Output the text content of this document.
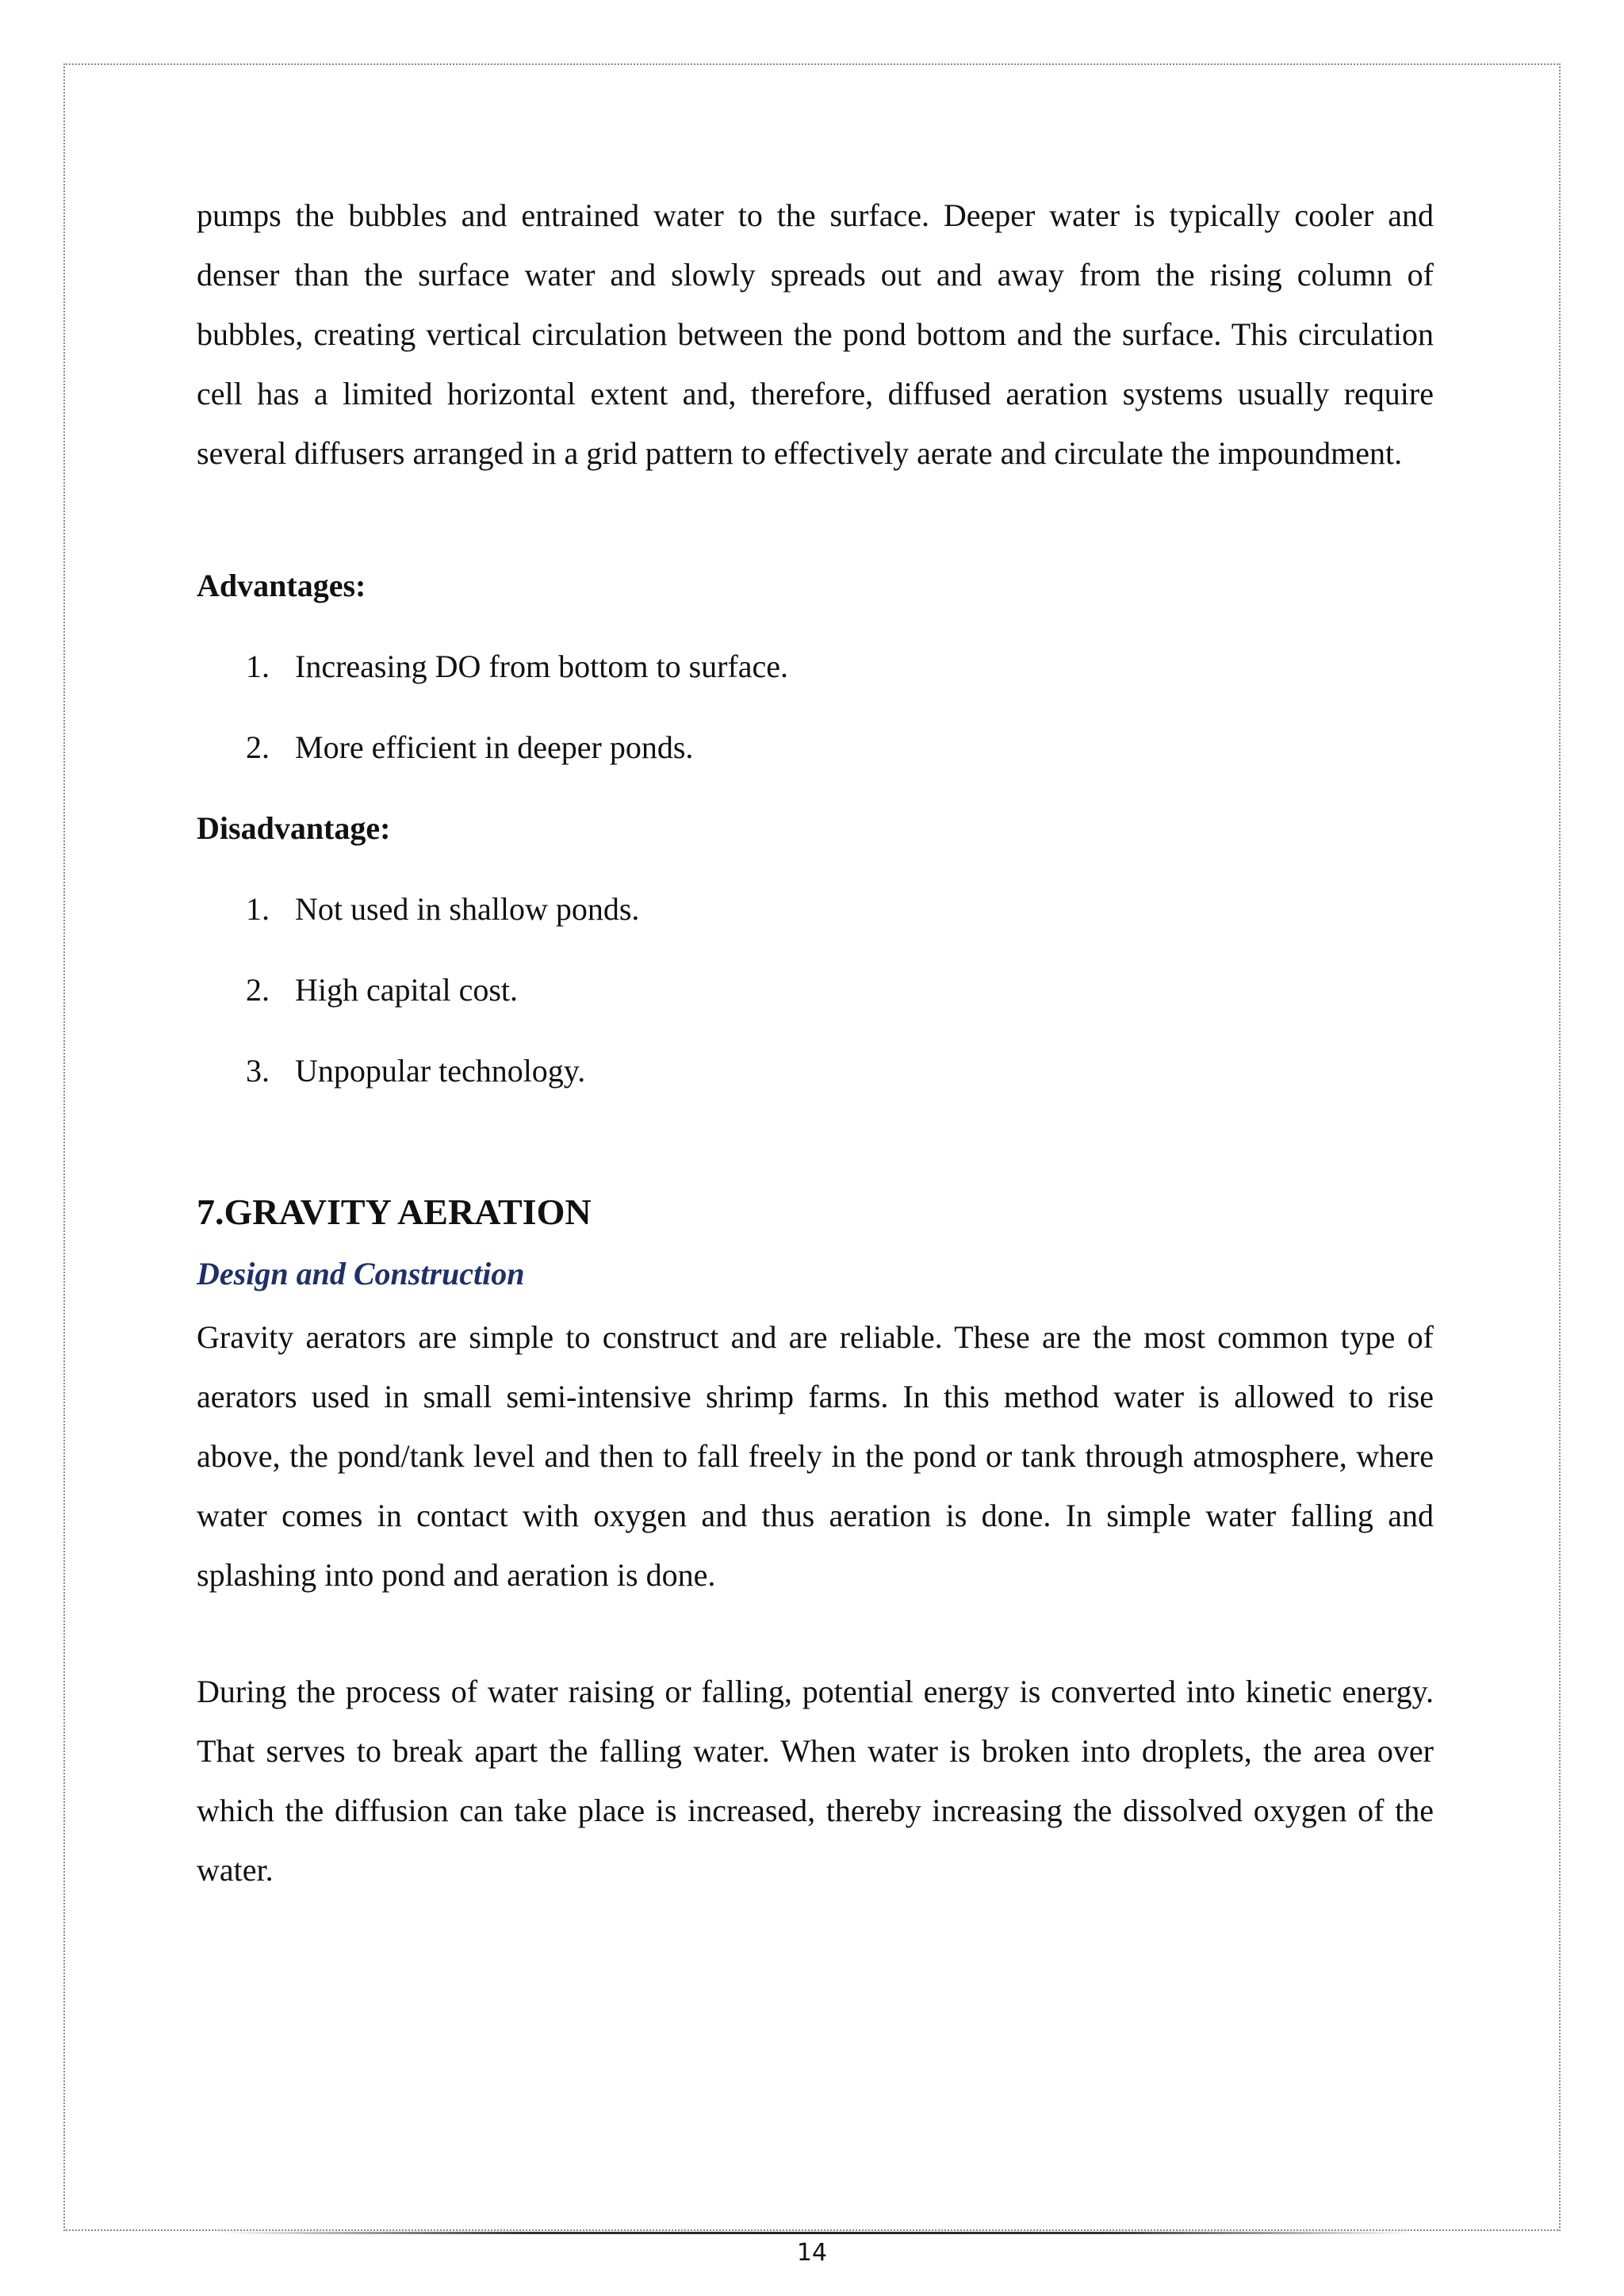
pumps the bubbles and entrained water to the surface. Deeper water is typically cooler and denser than the surface water and slowly spreads out and away from the rising column of bubbles, creating vertical circulation between the pond bottom and the surface. This circulation cell has a limited horizontal extent and, therefore, diffused aeration systems usually require several diffusers arranged in a grid pattern to effectively aerate and circulate the impoundment.

Advantages:

1. Increasing DO from bottom to surface.
2. More efficient in deeper ponds.

Disadvantage:

1. Not used in shallow ponds.
2. High capital cost.
3. Unpopular technology.

7.GRAVITY AERATION

Design and Construction

Gravity aerators are simple to construct and are reliable. These are the most common type of aerators used in small semi-intensive shrimp farms. In this method water is allowed to rise above, the pond/tank level and then to fall freely in the pond or tank through atmosphere, where water comes in contact with oxygen and thus aeration is done. In simple water falling and splashing into pond and aeration is done.

During the process of water raising or falling, potential energy is converted into kinetic energy. That serves to break apart the falling water. When water is broken into droplets, the area over which the diffusion can take place is increased, thereby increasing the dissolved oxygen of the water.

14
